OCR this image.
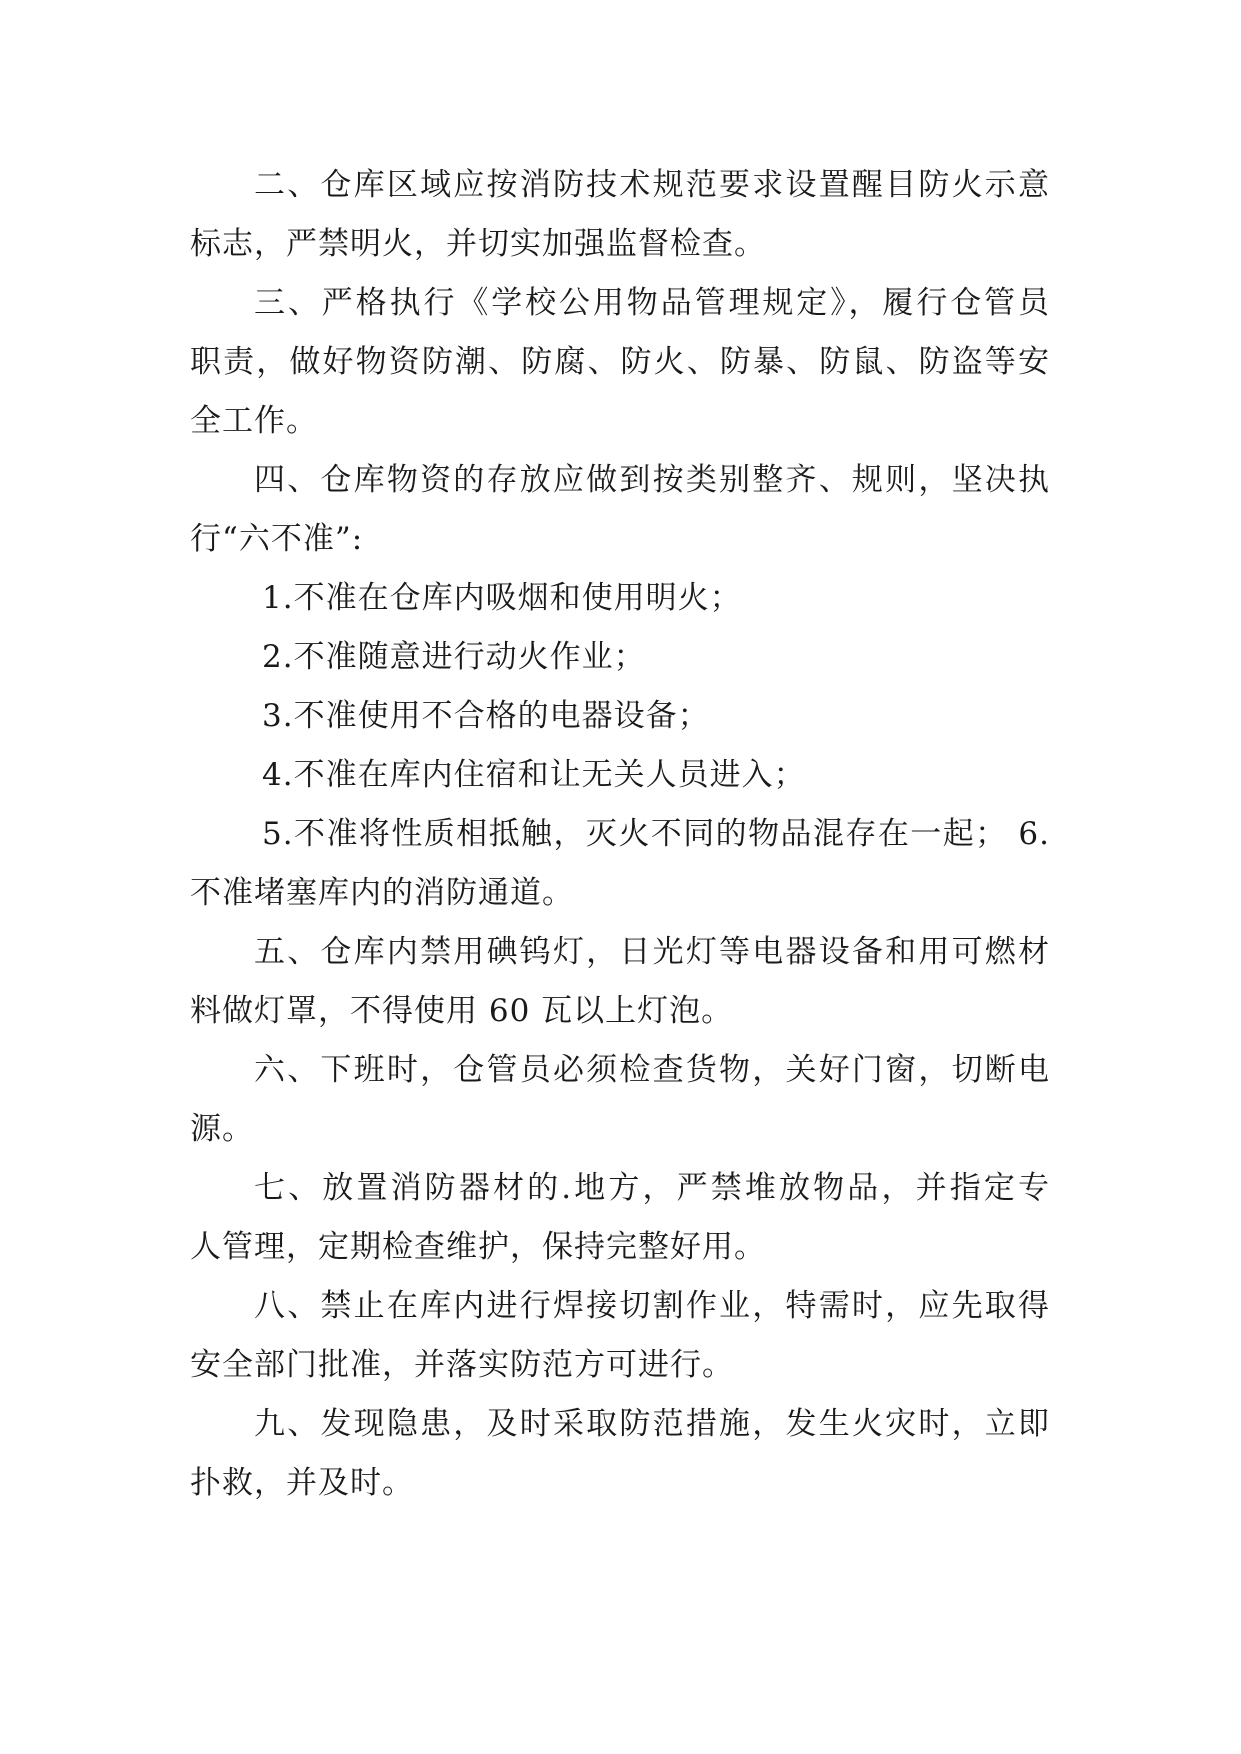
二、仓库区域应按消防技术规范要求设置醒目防火示意
标志，严禁明火，并切实加强监督检查。
三、严格执行《学校公用物品管理规定》，履行仓管员
职责，做好物资防潮、防腐、防火、防暴、防鼠、防盗等安
全工作。
四、仓库物资的存放应做到按类别整齐、规则，坚决执
行“六不准”:
1.不准在仓库内吸烟和使用明火；
2.不准随意进行动火作业；
3.不准使用不合格的电器设备；
4.不准在库内住宿和让无关人员进入；
5.不准将性质相抵触，灭火不同的物品混存在一起； 6.
不准堵塞库内的消防通道。
五、仓库内禁用碘钨灯，日光灯等电器设备和用可燃材
料做灯罩，不得使用 60 瓦以上灯泡。
六、下班时，仓管员必须检查货物，关好门窗，切断电
源。
七、放置消防器材的.地方，严禁堆放物品，并指定专
人管理，定期检查维护，保持完整好用。
八、禁止在库内进行焊接切割作业，特需时，应先取得
安全部门批准，并落实防范方可进行。
九、发现隐患，及时采取防范措施，发生火灾时，立即
扑救，并及时。
